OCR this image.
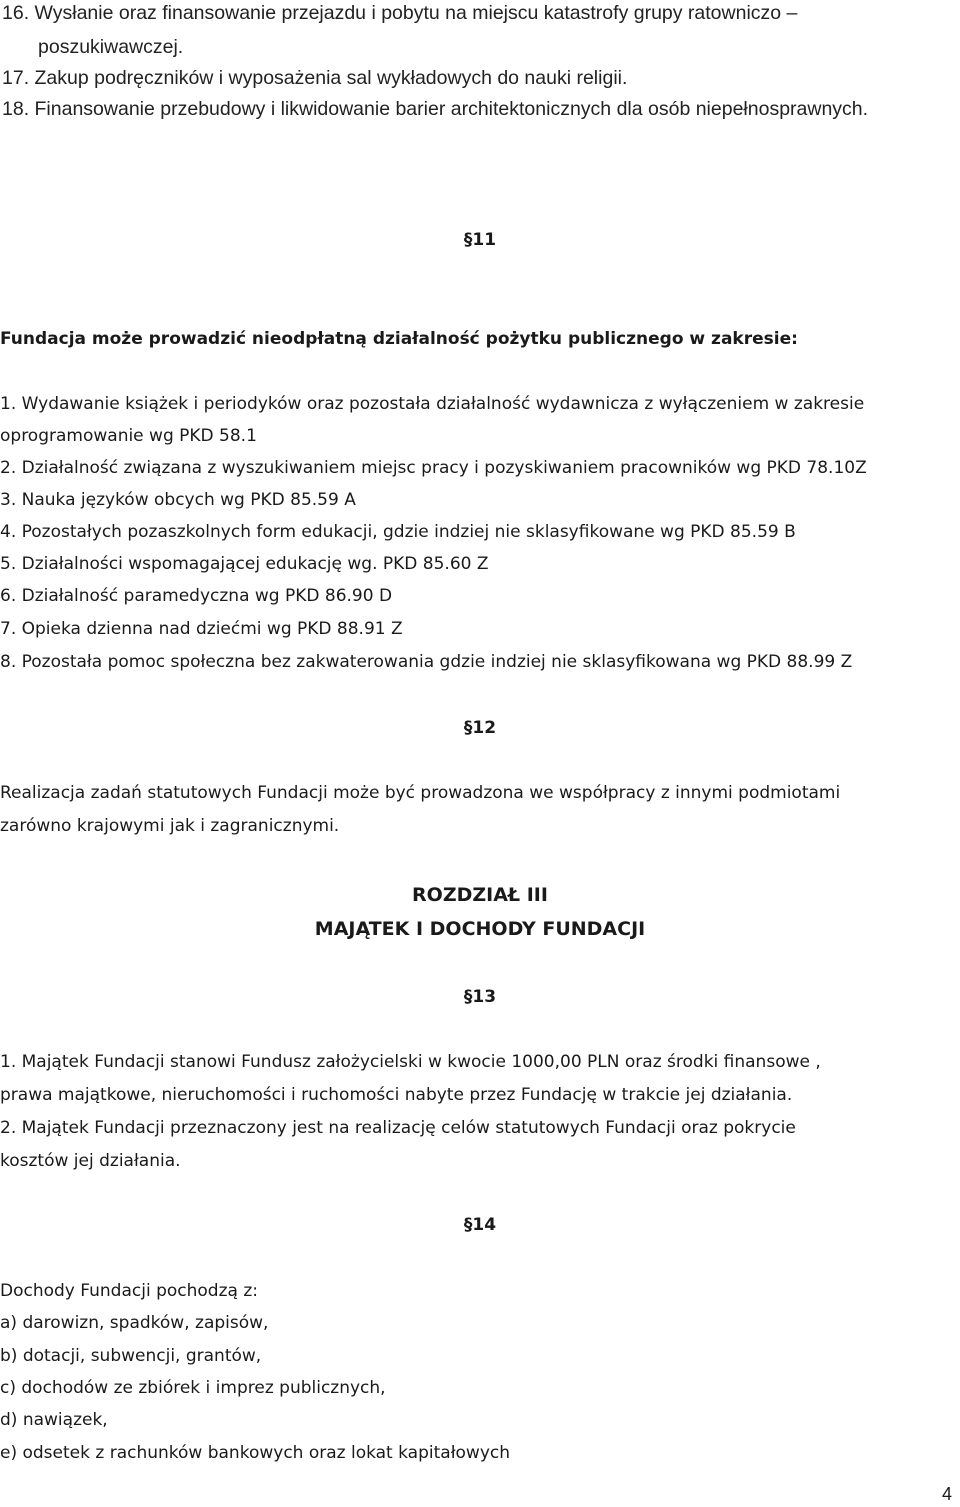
16. Wysłanie oraz finansowanie przejazdu i pobytu na miejscu katastrofy grupy ratowniczo –
poszukiwawczej.
17. Zakup podręczników i wyposażenia sal wykładowych do nauki religii.
18. Finansowanie przebudowy i likwidowanie barier architektonicznych dla osób niepełnosprawnych.
§11
Fundacja może prowadzić nieodpłatną działalność pożytku publicznego w zakresie:
1. Wydawanie książek i periodyków oraz pozostała działalność wydawnicza z wyłączeniem w zakresie
oprogramowanie wg PKD 58.1
2. Działalność związana z wyszukiwaniem miejsc pracy i pozyskiwaniem pracowników wg PKD 78.10Z
3. Nauka języków obcych wg PKD 85.59 A
4. Pozostałych pozaszkolnych form edukacji, gdzie indziej nie sklasyfikowane wg PKD 85.59 B
5. Działalności wspomagającej edukację wg. PKD 85.60 Z
6. Działalność paramedyczna wg PKD 86.90 D
7. Opieka dzienna nad dziećmi wg PKD 88.91 Z
8. Pozostała pomoc społeczna bez zakwaterowania gdzie indziej nie sklasyfikowana wg PKD 88.99 Z
§12
Realizacja zadań statutowych Fundacji może być prowadzona we współpracy z innymi podmiotami
zarówno krajowymi jak i zagranicznymi.
ROZDZIAŁ III
MAJĄTEK I DOCHODY FUNDACJI
§13
1. Majątek Fundacji stanowi Fundusz założycielski w kwocie 1000,00 PLN oraz środki finansowe ,
prawa majątkowe, nieruchomości i ruchomości nabyte przez Fundację w trakcie jej działania.
2. Majątek Fundacji przeznaczony jest na realizację celów statutowych Fundacji oraz pokrycie
kosztów jej działania.
§14
Dochody Fundacji pochodzą z:
a) darowizn, spadków, zapisów,
b) dotacji, subwencji, grantów,
c) dochodów ze zbiórek i imprez publicznych,
d) nawiązek,
e) odsetek z rachunków bankowych oraz lokat kapitałowych
4
